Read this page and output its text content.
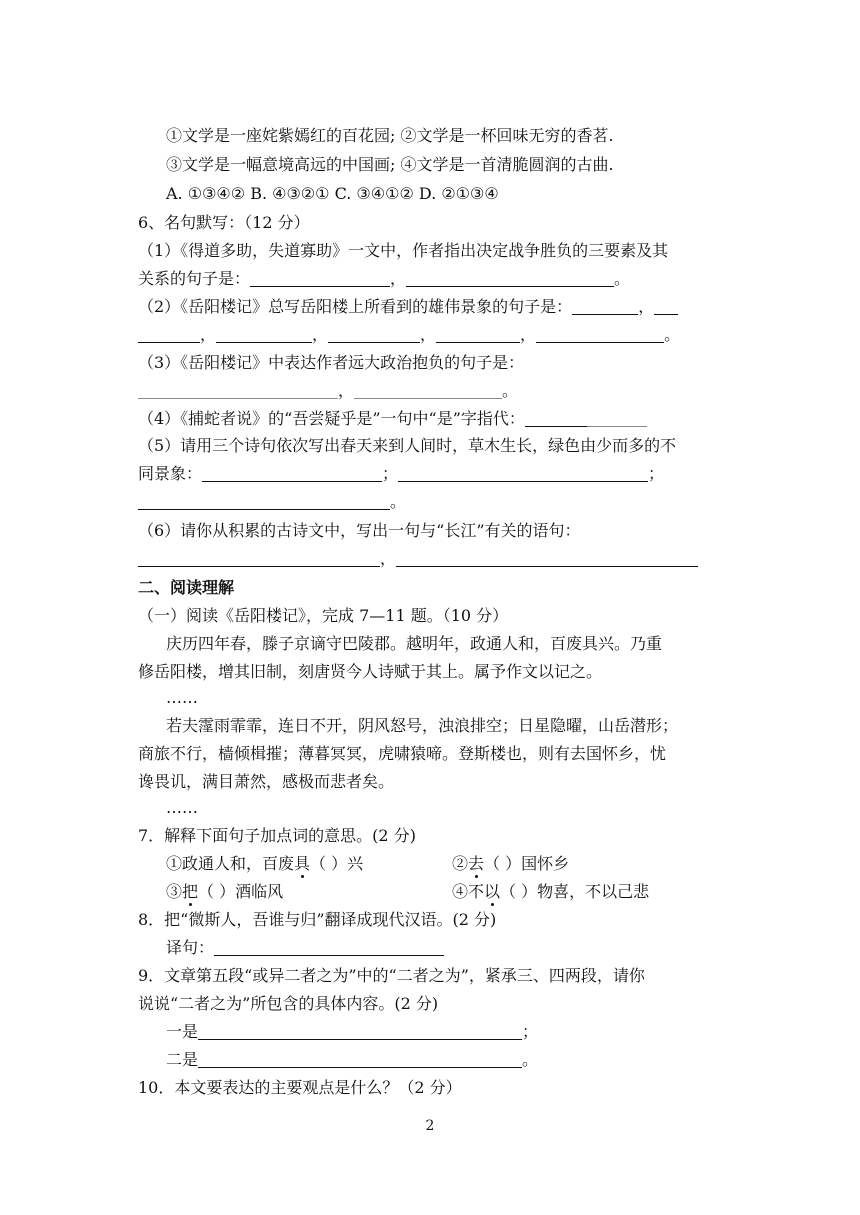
①文学是一座姹紫嫣红的百花园; ②文学是一杯回味无穷的香茗.
③文学是一幅意境高远的中国画; ④文学是一首清脆圆润的古曲.
A. ①③④② B. ④③②① C. ③④①② D. ②①③④
6、名句默写：（12 分）
（1）《得道多助，失道寡助》一文中，作者指出决定战争胜负的三要素及其
关系的句子是：	，	。
（2）《岳阳楼记》总写岳阳楼上所看到的雄伟景象的句子是：	，
，	，	，	，	。
（3）《岳阳楼记》中表达作者远大政治抱负的句子是：
，	。
（4）《捕蛇者说》的“吾尝疑乎是”一句中“是”字指代：
（5）请用三个诗句依次写出春天来到人间时，草木生长，绿色由少而多的不
同景象：	；	；
。
（6）请你从积累的古诗文中，写出一句与“长江”有关的语句：
，
二、阅读理解
（一）阅读《岳阳楼记》，完成 7—11 题。（10 分）
庆历四年春，滕子京谪守巴陵郡。越明年，政通人和，百废具兴。乃重
修岳阳楼，增其旧制，刻唐贤今人诗赋于其上。属予作文以记之。
……
若夫霪雨霏霏，连日不开，阴风怒号，浊浪排空；日星隐曜，山岳潜形；
商旅不行，樯倾楫摧；薄暮冥冥，虎啸猿啼。登斯楼也，则有去国怀乡，忧
谗畏讥，满目萧然，感极而悲者矣。
……
7．解释下面句子加点词的意思。(2 分)
①政通人和，百废具（ ）兴	②去（ ）国怀乡
③把（ ）酒临风	④不以（ ）物喜，不以己悲
8．把“微斯人，吾谁与归”翻译成现代汉语。(2 分)
译句：
9．文章第五段“或异二者之为”中的“二者之为”，紧承三、四两段，请你
说说“二者之为”所包含的具体内容。(2 分)
一是	；
二是	。
10．本文要表达的主要观点是什么？（2 分）
2
